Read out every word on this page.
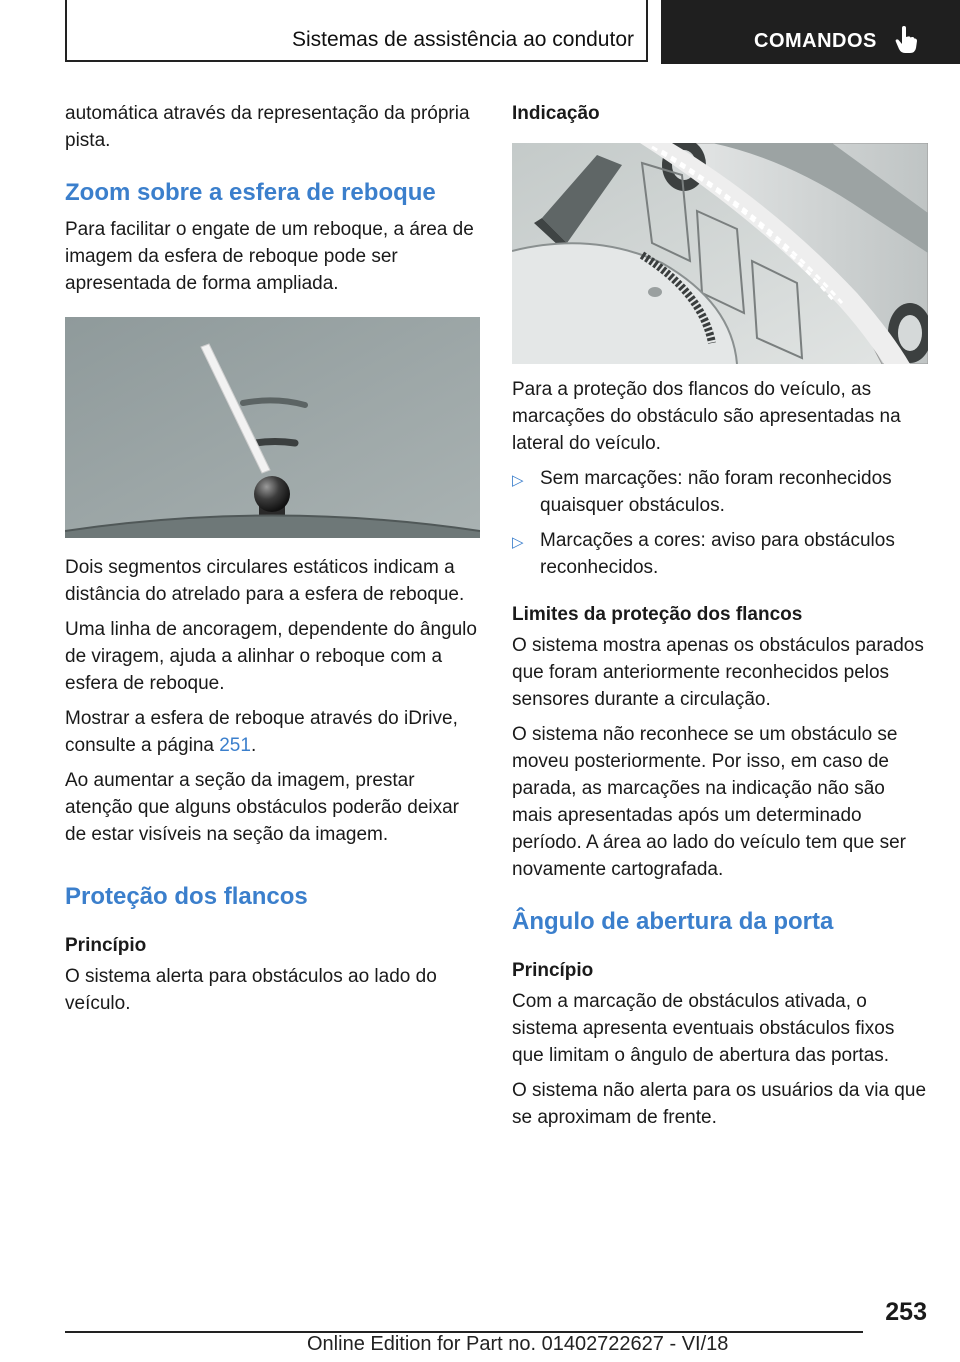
Sistemas de assistência ao condutor	COMANDOS

automática através da representação da própria pista.

Zoom sobre a esfera de reboque

Para facilitar o engate de um reboque, a área de imagem da esfera de reboque pode ser apresentada de forma ampliada.

Dois segmentos circulares estáticos indicam a distância do atrelado para a esfera de reboque.

Uma linha de ancoragem, dependente do ângulo de viragem, ajuda a alinhar o reboque com a esfera de reboque.

Mostrar a esfera de reboque através do iDrive, consulte a página 251.

Ao aumentar a seção da imagem, prestar atenção que alguns obstáculos poderão deixar de estar visíveis na seção da imagem.

Proteção dos flancos
Princípio

O sistema alerta para obstáculos ao lado do veículo.

Indicação

Para a proteção dos flancos do veículo, as marcações do obstáculo são apresentadas na lateral do veículo.

▷ Sem marcações: não foram reconhecidos quaisquer obstáculos.
▷ Marcações a cores: aviso para obstáculos reconhecidos.
Limites da proteção dos flancos

O sistema mostra apenas os obstáculos parados que foram anteriormente reconhecidos pelos sensores durante a circulação.

O sistema não reconhece se um obstáculo se moveu posteriormente. Por isso, em caso de parada, as marcações na indicação não são mais apresentadas após um determinado período. A área ao lado do veículo tem que ser novamente cartografada.

Ângulo de abertura da porta
Princípio

Com a marcação de obstáculos ativada, o sistema apresenta eventuais obstáculos fixos que limitam o ângulo de abertura das portas.

O sistema não alerta para os usuários da via que se aproximam de frente.

253
Online Edition for Part no. 01402722627 - VI/18
